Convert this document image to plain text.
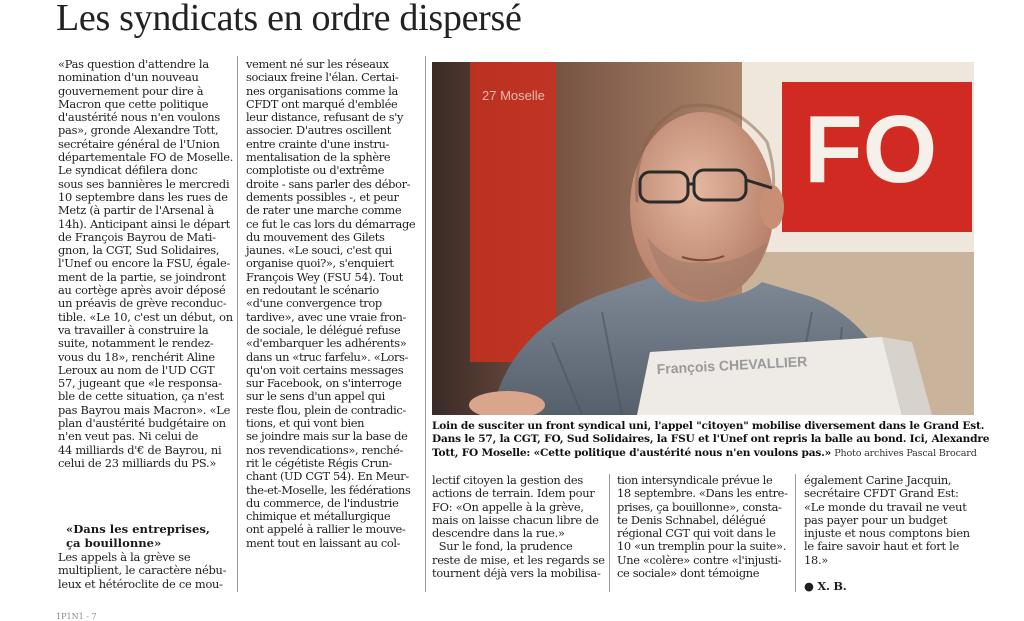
Les syndicats en ordre dispersé
«Pas question d'attendre la
nomination d'un nouveau
gouvernement pour dire à
Macron que cette politique
d'austérité nous n'en voulons
pas», gronde Alexandre Tott,
secrétaire général de l'Union
départementale FO de Moselle.
Le syndicat défilera donc
sous ses bannières le mercredi
10 septembre dans les rues de
Metz (à partir de l'Arsenal à
14h). Anticipant ainsi le départ
de François Bayrou de Mati-
gnon, la CGT, Sud Solidaires,
l'Unef ou encore la FSU, égale-
ment de la partie, se joindront
au cortège après avoir déposé
un préavis de grève reconduc-
tible. «Le 10, c'est un début, on
va travailler à construire la
suite, notamment le rendez-
vous du 18», renchérit Aline
Leroux au nom de l'UD CGT
57, jugeant que «le responsa-
ble de cette situation, ça n'est
pas Bayrou mais Macron». «Le
plan d'austérité budgétaire on
n'en veut pas. Ni celui de
44 milliards d'€ de Bayrou, ni
celui de 23 milliards du PS.»
«Dans les entreprises,
ça bouillonne»
Les appels à la grève se
multiplient, le caractère nébu-
leux et hétéroclite de ce mou-
vement né sur les réseaux
sociaux freine l'élan. Certai-
nes organisations comme la
CFDT ont marqué d'emblée
leur distance, refusant de s'y
associer. D'autres oscillent
entre crainte d'une instru-
mentalisation de la sphère
complotiste ou d'extrême
droite - sans parler des débor-
dements possibles -, et peur
de rater une marche comme
ce fut le cas lors du démarrage
du mouvement des Gilets
jaunes. «Le souci, c'est qui
organise quoi?», s'enquiert
François Wey (FSU 54). Tout
en redoutant le scénario
«d'une convergence trop
tardive», avec une vraie fron-
de sociale, le délégué refuse
«d'embarquer les adhérents»
dans un «truc farfelu». «Lors-
qu'on voit certains messages
sur Facebook, on s'interroge
sur le sens d'un appel qui
reste flou, plein de contradic-
tions, et qui vont bien
se joindre mais sur la base de
nos revendications», renché-
rit le cégétiste Régis Crun-
chant (UD CGT 54). En Meur-
the-et-Moselle, les fédérations
du commerce, de l'industrie
chimique et métallurgique
ont appelé à rallier le mouve-
ment tout en laissant au col-
27 Moselle
FO
François CHEVALLIER
Loin de susciter un front syndical uni, l'appel "citoyen" mobilise diversement dans le Grand Est.
Dans le 57, la CGT, FO, Sud Solidaires, la FSU et l'Unef ont repris la balle au bond. Ici, Alexandre
Tott, FO Moselle: «Cette politique d'austérité nous n'en voulons pas.» Photo archives Pascal Brocard
lectif citoyen la gestion des
actions de terrain. Idem pour
FO: «On appelle à la grève,
mais on laisse chacun libre de
descendre dans la rue.»
Sur le fond, la prudence
reste de mise, et les regards se
tournent déjà vers la mobilisa-
tion intersyndicale prévue le
18 septembre. «Dans les entre-
prises, ça bouillonne», consta-
te Denis Schnabel, délégué
régional CGT qui voit dans le
10 «un tremplin pour la suite».
Une «colère» contre «l'injusti-
ce sociale» dont témoigne
également Carine Jacquin,
secrétaire CFDT Grand Est:
«Le monde du travail ne veut
pas payer pour un budget
injuste et nous comptons bien
le faire savoir haut et fort le
18.»
● X. B.
1P1N1 - 7
